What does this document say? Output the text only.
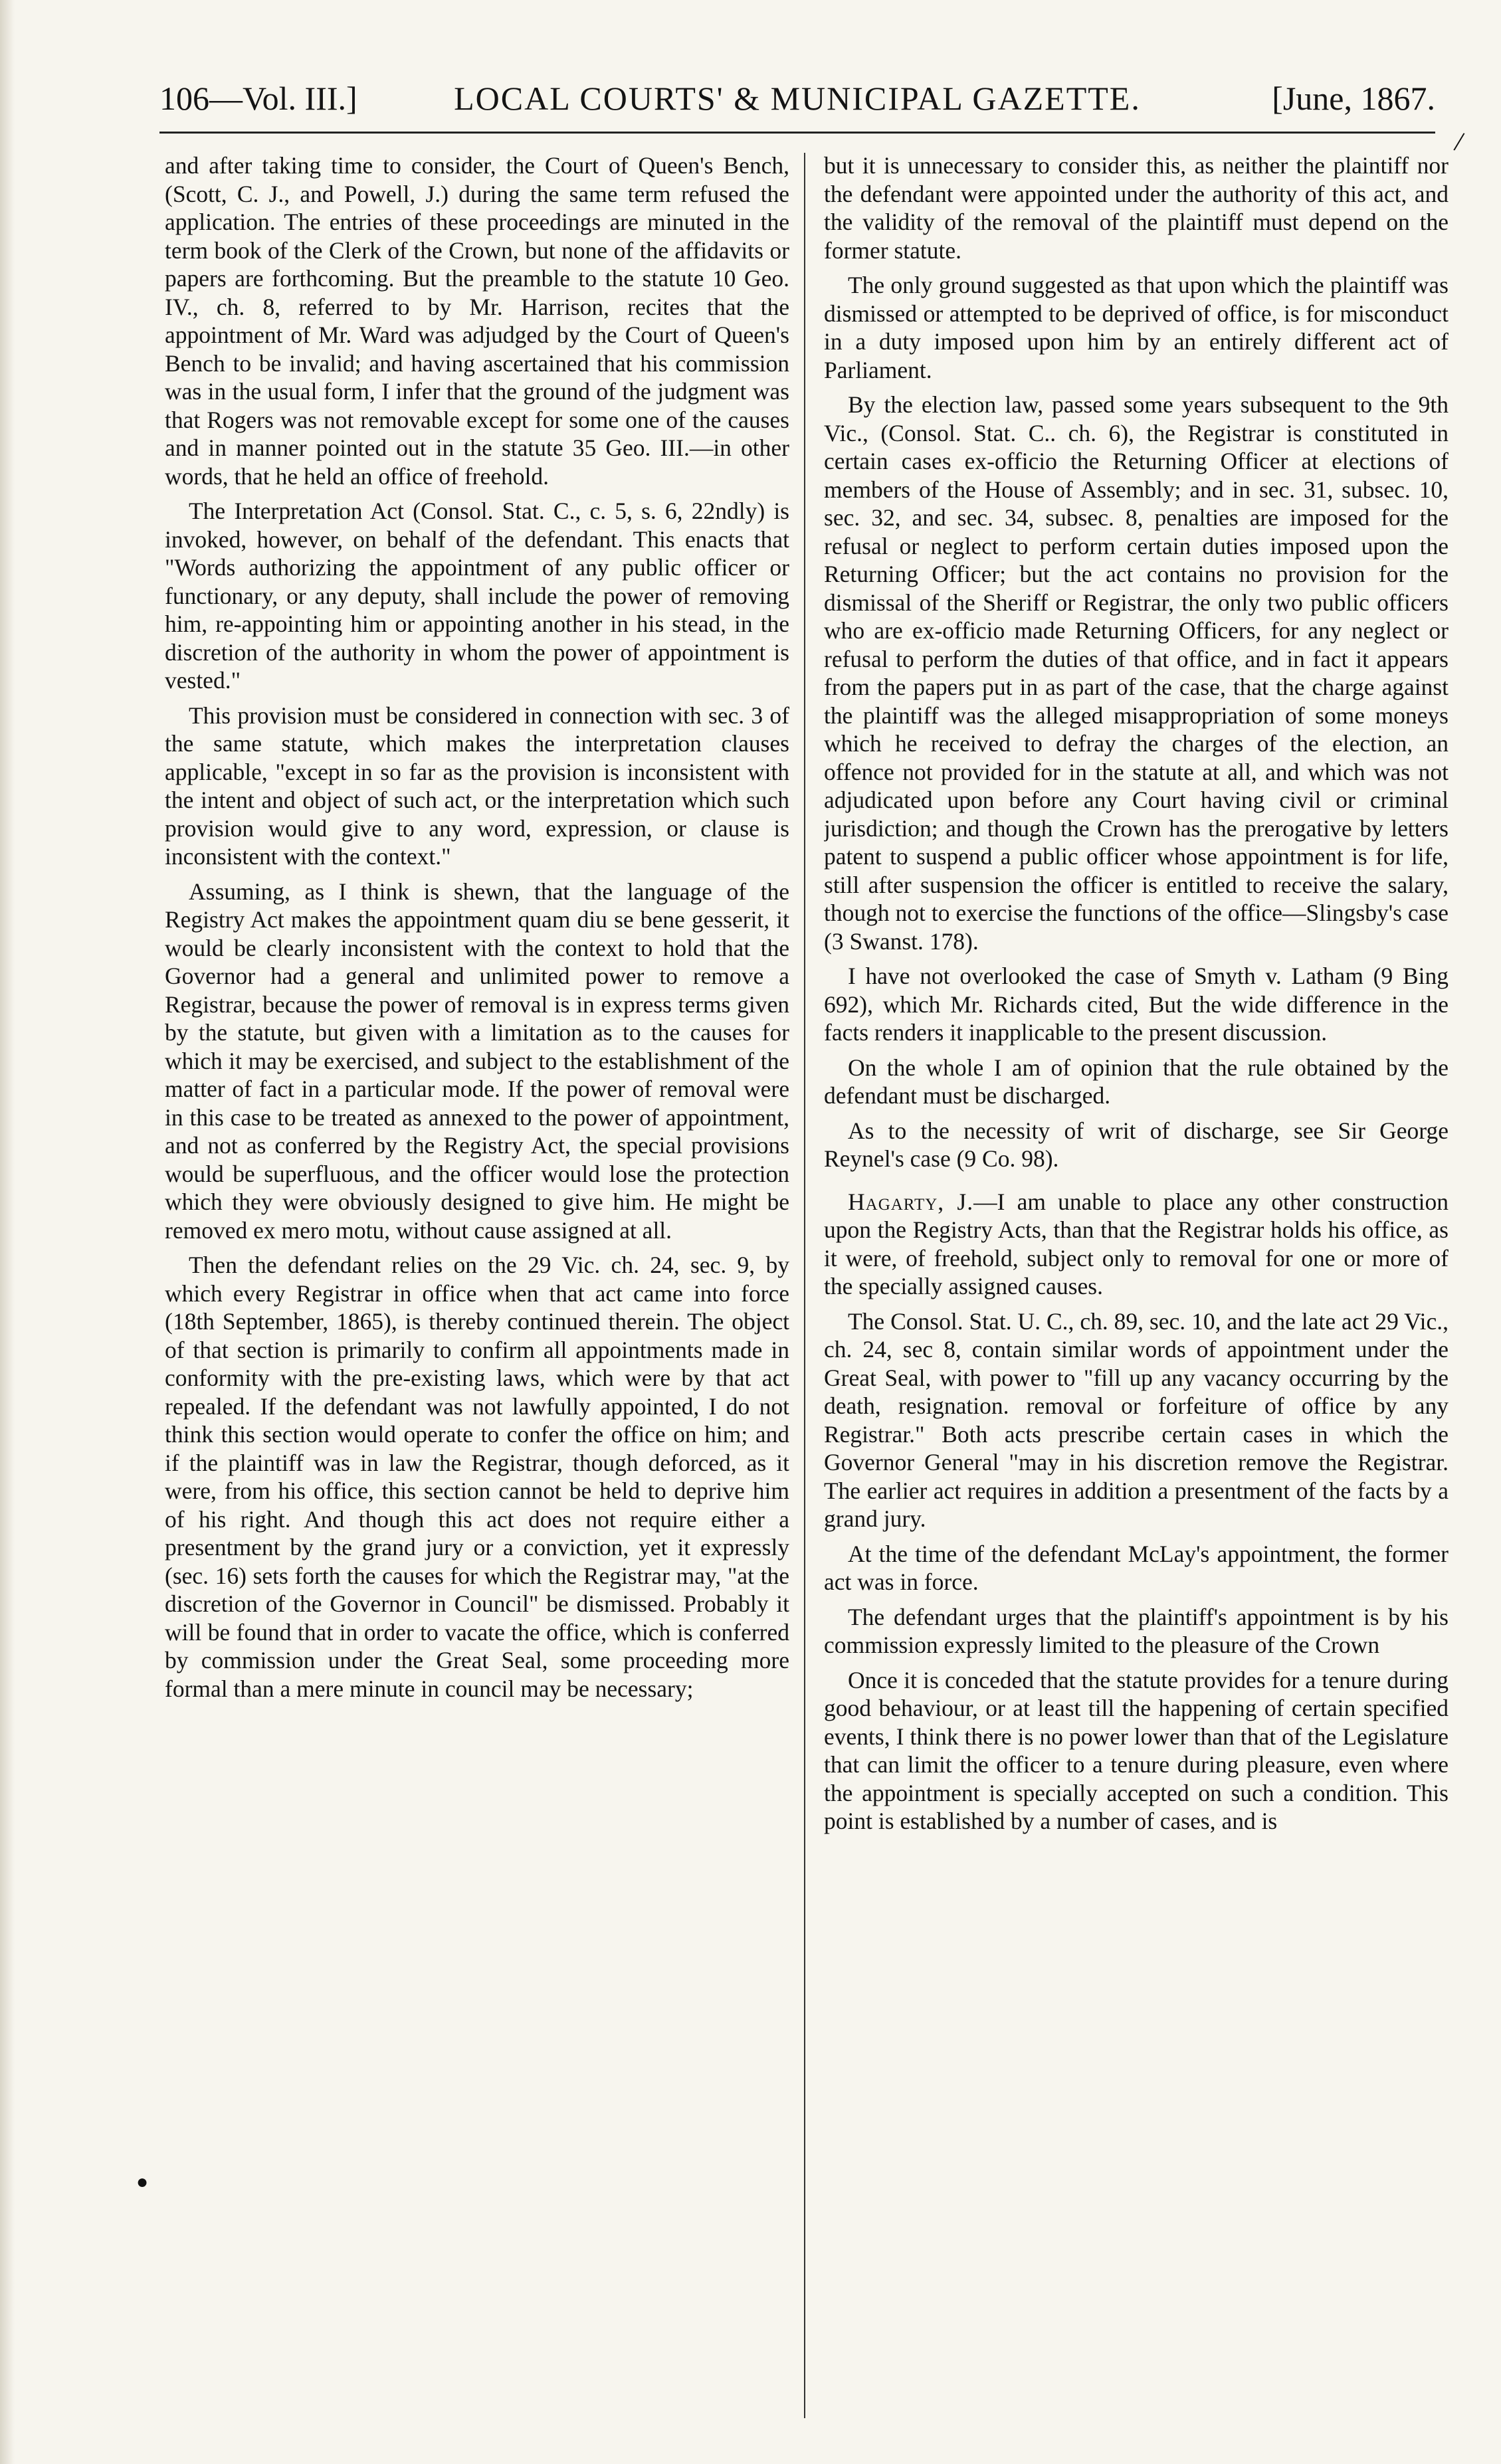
106—Vol. III.]	LOCAL COURTS' & MUNICIPAL GAZETTE.	[June, 1867.
/
●

and after taking time to consider, the Court of Queen's Bench, (Scott, C. J., and Powell, J.) during the same term refused the application. The entries of these proceedings are minuted in the term book of the Clerk of the Crown, but none of the affidavits or papers are forthcoming. But the preamble to the statute 10 Geo. IV., ch. 8, referred to by Mr. Harrison, recites that the appointment of Mr. Ward was adjudged by the Court of Queen's Bench to be invalid; and having ascertained that his commission was in the usual form, I infer that the ground of the judgment was that Rogers was not removable except for some one of the causes and in manner pointed out in the statute 35 Geo. III.—in other words, that he held an office of freehold.

The Interpretation Act (Consol. Stat. C., c. 5, s. 6, 22ndly) is invoked, however, on behalf of the defendant. This enacts that "Words authorizing the appointment of any public officer or functionary, or any deputy, shall include the power of removing him, re-appointing him or appointing another in his stead, in the discretion of the authority in whom the power of appointment is vested."

This provision must be considered in connection with sec. 3 of the same statute, which makes the interpretation clauses applicable, "except in so far as the provision is inconsistent with the intent and object of such act, or the interpretation which such provision would give to any word, expression, or clause is inconsistent with the context."

Assuming, as I think is shewn, that the language of the Registry Act makes the appointment quam diu se bene gesserit, it would be clearly inconsistent with the context to hold that the Governor had a general and unlimited power to remove a Registrar, because the power of removal is in express terms given by the statute, but given with a limitation as to the causes for which it may be exercised, and subject to the establishment of the matter of fact in a particular mode. If the power of removal were in this case to be treated as annexed to the power of appointment, and not as conferred by the Registry Act, the special provisions would be superfluous, and the officer would lose the protection which they were obviously designed to give him. He might be removed ex mero motu, without cause assigned at all.

Then the defendant relies on the 29 Vic. ch. 24, sec. 9, by which every Registrar in office when that act came into force (18th September, 1865), is thereby continued therein. The object of that section is primarily to confirm all appointments made in conformity with the pre-existing laws, which were by that act repealed. If the defendant was not lawfully appointed, I do not think this section would operate to confer the office on him; and if the plaintiff was in law the Registrar, though deforced, as it were, from his office, this section cannot be held to deprive him of his right. And though this act does not require either a presentment by the grand jury or a conviction, yet it expressly (sec. 16) sets forth the causes for which the Registrar may, "at the discretion of the Governor in Council" be dismissed. Probably it will be found that in order to vacate the office, which is conferred by commission under the Great Seal, some proceeding more formal than a mere minute in council may be necessary;

but it is unnecessary to consider this, as neither the plaintiff nor the defendant were appointed under the authority of this act, and the validity of the removal of the plaintiff must depend on the former statute.

The only ground suggested as that upon which the plaintiff was dismissed or attempted to be deprived of office, is for misconduct in a duty imposed upon him by an entirely different act of Parliament.

By the election law, passed some years subsequent to the 9th Vic., (Consol. Stat. C.. ch. 6), the Registrar is constituted in certain cases ex-officio the Returning Officer at elections of members of the House of Assembly; and in sec. 31, subsec. 10, sec. 32, and sec. 34, subsec. 8, penalties are imposed for the refusal or neglect to perform certain duties imposed upon the Returning Officer; but the act contains no provision for the dismissal of the Sheriff or Registrar, the only two public officers who are ex-officio made Returning Officers, for any neglect or refusal to perform the duties of that office, and in fact it appears from the papers put in as part of the case, that the charge against the plaintiff was the alleged misappropriation of some moneys which he received to defray the charges of the election, an offence not provided for in the statute at all, and which was not adjudicated upon before any Court having civil or criminal jurisdiction; and though the Crown has the prerogative by letters patent to suspend a public officer whose appointment is for life, still after suspension the officer is entitled to receive the salary, though not to exercise the functions of the office—Slingsby's case (3 Swanst. 178).

I have not overlooked the case of Smyth v. Latham (9 Bing 692), which Mr. Richards cited, But the wide difference in the facts renders it inapplicable to the present discussion.

On the whole I am of opinion that the rule obtained by the defendant must be discharged.

As to the necessity of writ of discharge, see Sir George Reynel's case (9 Co. 98).

Hagarty, J.—I am unable to place any other construction upon the Registry Acts, than that the Registrar holds his office, as it were, of freehold, subject only to removal for one or more of the specially assigned causes.

The Consol. Stat. U. C., ch. 89, sec. 10, and the late act 29 Vic., ch. 24, sec 8, contain similar words of appointment under the Great Seal, with power to "fill up any vacancy occurring by the death, resignation. removal or forfeiture of office by any Registrar." Both acts prescribe certain cases in which the Governor General "may in his discretion remove the Registrar. The earlier act requires in addition a presentment of the facts by a grand jury.

At the time of the defendant McLay's appointment, the former act was in force.

The defendant urges that the plaintiff's appointment is by his commission expressly limited to the pleasure of the Crown

Once it is conceded that the statute provides for a tenure during good behaviour, or at least till the happening of certain specified events, I think there is no power lower than that of the Legislature that can limit the officer to a tenure during pleasure, even where the appointment is specially accepted on such a condition. This point is established by a number of cases, and is
